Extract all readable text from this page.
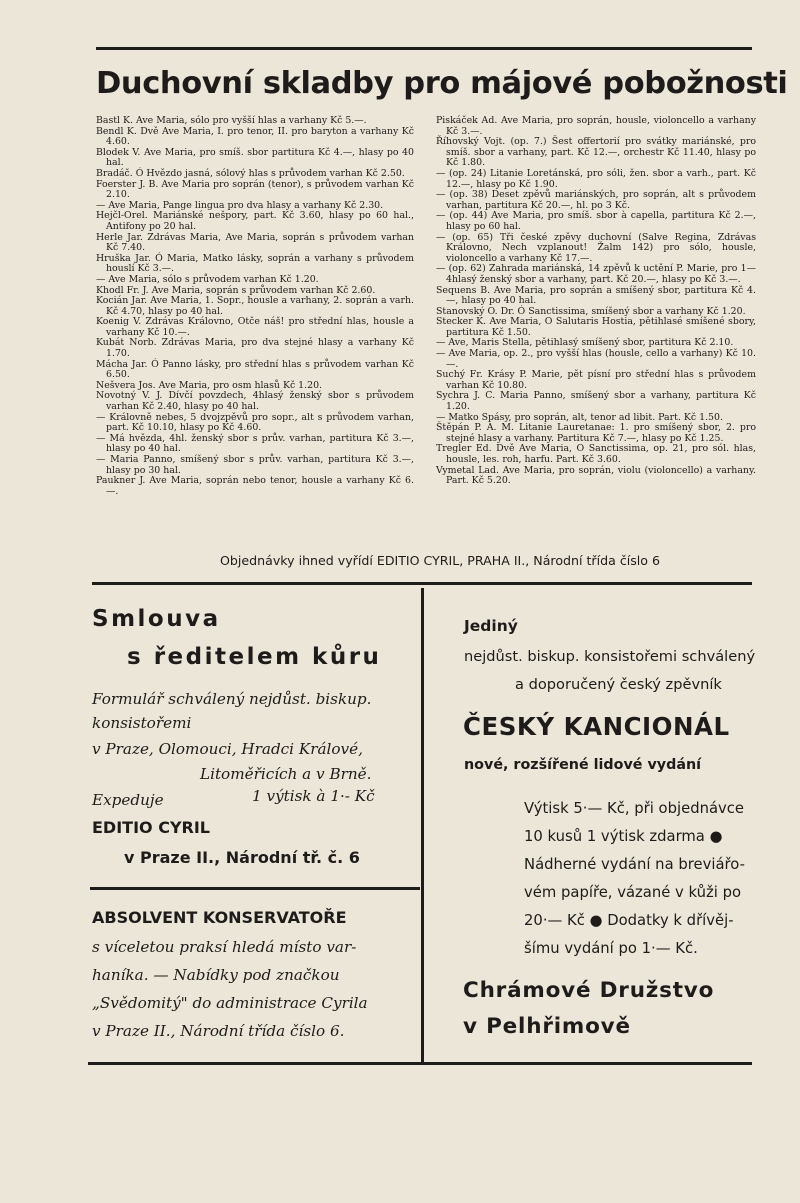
Duchovní skladby pro májové pobožnosti

Bastl K. Ave Maria, sólo pro vyšší hlas a varhany Kč 5.—.

Bendl K. Dvě Ave Maria, I. pro tenor, II. pro baryton a varhany Kč 4.60.

Blodek V. Ave Maria, pro smíš. sbor partitura Kč 4.—, hlasy po 40 hal.

Bradáč. Ó Hvězdo jasná, sólový hlas s průvodem varhan Kč 2.50.

Foerster J. B. Ave Maria pro soprán (tenor), s průvodem varhan Kč 2.10.

— Ave Maria, Pange lingua pro dva hlasy a varhany Kč 2.30.

Hejčl-Orel. Mariánské nešpory, part. Kč 3.60, hlasy po 60 hal., Antifony po 20 hal.

Herle Jar. Zdrávas Maria, Ave Maria, soprán s průvodem varhan Kč 7.40.

Hruška Jar. Ó Maria, Matko lásky, soprán a varhany s průvodem houslí Kč 3.—.

— Ave Maria, sólo s průvodem varhan Kč 1.20.

Khodl Fr. J. Ave Maria, soprán s průvodem varhan Kč 2.60.

Kocián Jar. Ave Maria, 1. Sopr., housle a varhany, 2. soprán a varh. Kč 4.70, hlasy po 40 hal.

Koenig V. Zdrávas Královno, Otče náš! pro střední hlas, housle a varhany Kč 10.—.

Kubát Norb. Zdrávas Maria, pro dva stejné hlasy a varhany Kč 1.70.

Mácha Jar. Ó Panno lásky, pro střední hlas s průvodem varhan Kč 6.50.

Nešvera Jos. Ave Maria, pro osm hlasů Kč 1.20.

Novotný V. J. Dívčí povzdech, 4hlasý ženský sbor s průvodem varhan Kč 2.40, hlasy po 40 hal.

— Královně nebes, 5 dvojzpěvů pro sopr., alt s průvodem varhan, part. Kč 10.10, hlasy po Kč 4.60.

— Má hvězda, 4hl. ženský sbor s prův. varhan, partitura Kč 3.—, hlasy po 40 hal.

— Maria Panno, smíšený sbor s prův. varhan, partitura Kč 3.—, hlasy po 30 hal.

Paukner J. Ave Maria, soprán nebo tenor, housle a varhany Kč 6.—.

Piskáček Ad. Ave Maria, pro soprán, housle, violoncello a varhany Kč 3.—.

Říhovský Vojt. (op. 7.) Šest offertorií pro svátky mariánské, pro smíš. sbor a varhany, part. Kč 12.—, orchestr Kč 11.40, hlasy po Kč 1.80.

— (op. 24) Litanie Loretánská, pro sóli, žen. sbor a varh., part. Kč 12.—, hlasy po Kč 1.90.

— (op. 38) Deset zpěvů mariánských, pro soprán, alt s průvodem varhan, partitura Kč 20.—, hl. po 3 Kč.

— (op. 44) Ave Maria, pro smíš. sbor à capella, partitura Kč 2.—, hlasy po 60 hal.

— (op. 65) Tři české zpěvy duchovní (Salve Regina, Zdrávas Královno, Nech vzplanout! Žalm 142) pro sólo, housle, violoncello a varhany Kč 17.—.

— (op. 62) Zahrada mariánská, 14 zpěvů k uctění P. Marie, pro 1—4hlasý ženský sbor a varhany, part. Kč 20.—, hlasy po Kč 3.—.

Sequens B. Ave Maria, pro soprán a smíšený sbor, partitura Kč 4.—, hlasy po 40 hal.

Stanovský O. Dr. Ó Sanctissima, smíšený sbor a varhany Kč 1.20.

Stecker K. Ave Maria, O Salutaris Hostia, pětihlasé smíšené sbory, partitura Kč 1.50.

— Ave, Maris Stella, pětihlasý smíšený sbor, partitura Kč 2.10.

— Ave Maria, op. 2., pro vyšší hlas (housle, cello a varhany) Kč 10.—.

Suchý Fr. Krásy P. Marie, pět písní pro střední hlas s průvodem varhan Kč 10.80.

Sychra J. C. Maria Panno, smíšený sbor a varhany, partitura Kč 1.20.

— Matko Spásy, pro soprán, alt, tenor ad libit. Part. Kč 1.50.

Štěpán P. A. M. Litanie Lauretanae: 1. pro smíšený sbor, 2. pro stejné hlasy a varhany. Partitura Kč 7.—, hlasy po Kč 1.25.

Tregler Ed. Dvě Ave Maria, O Sanctissima, op. 21, pro sól. hlas, housle, les. roh, harfu. Part. Kč 3.60.

Vymetal Lad. Ave Maria, pro soprán, violu (violoncello) a varhany. Part. Kč 5.20.

Objednávky ihned vyřídí EDITIO CYRIL, PRAHA II., Národní třída číslo 6
Smlouva
s ředitelem kůru
Formulář schválený nejdůst. biskup.
konsistořemi
v Praze, Olomouci, Hradci Králové,
Litoměřicích a v Brně.
Expeduje	1 výtisk à 1·- Kč
EDITIO CYRIL
v Praze II., Národní tř. č. 6
ABSOLVENT KONSERVATOŘE
s víceletou praksí hledá místo var-
haníka. — Nabídky pod značkou
„Svědomitý" do administrace Cyrila
v Praze II., Národní třída číslo 6.
Jediný
nejdůst. biskup. konsistořemi schválený
a doporučený český zpěvník
ČESKÝ KANCIONÁL
nové, rozšířené lidové vydání
Výtisk 5·— Kč, při objednávce
10 kusů 1 výtisk zdarma ●
Nádherné vydání na breviářo-
vém papíře, vázané v kůži po
20·— Kč ● Dodatky k dřívěj-
šímu vydání po 1·— Kč.
Chrámové Družstvo
v Pelhřimově
